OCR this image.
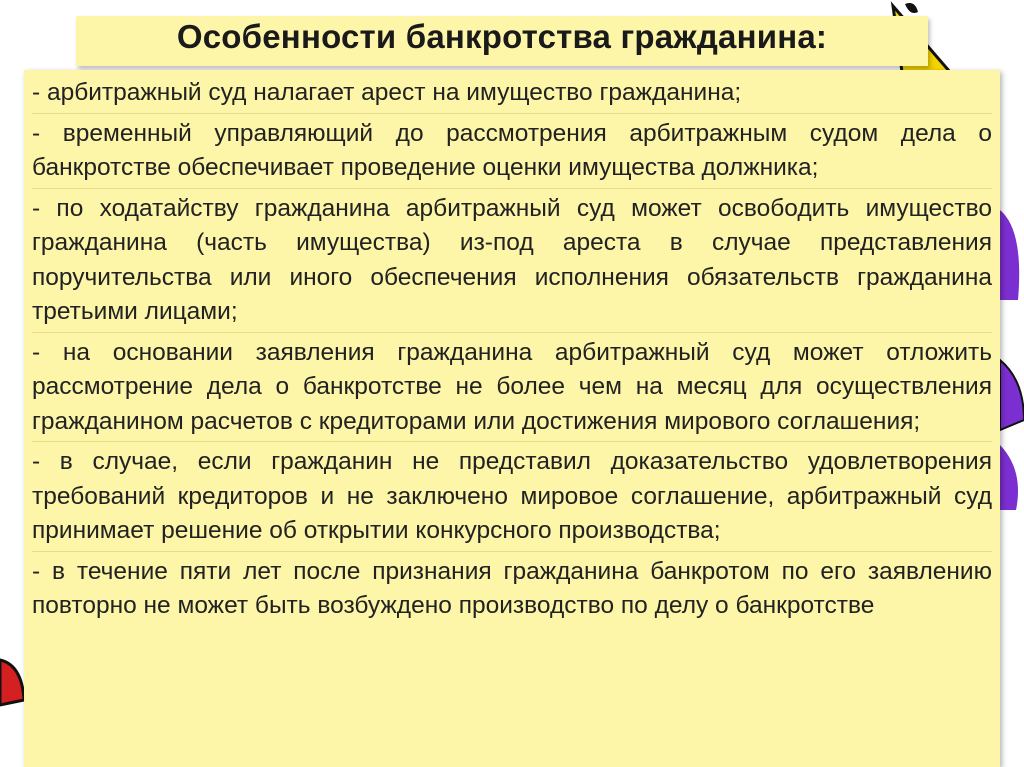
Особенности банкротства гражданина:

- арбитражный суд налагает арест на имущество гражданина;

- временный управляющий до рассмотрения арбитражным судом дела о банкротстве обеспечивает проведение оценки имущества должника;

- по ходатайству гражданина арбитражный суд может освободить имущество гражданина (часть имущества) из-под ареста в случае представления поручительства или иного обеспечения исполнения обязательств гражданина третьими лицами;

- на основании заявления гражданина арбитражный суд может отложить рассмотрение дела о банкротстве не более чем на месяц для осуществления гражданином расчетов с кредиторами или достижения мирового соглашения;

- в случае, если гражданин не представил доказательство удовлетворения требований кредиторов и не заключено мировое соглашение, арбитражный суд принимает решение об открытии конкурсного производства;

- в течение пяти лет после признания гражданина банкротом по его заявлению повторно не может быть возбуждено производство по делу о банкротстве
